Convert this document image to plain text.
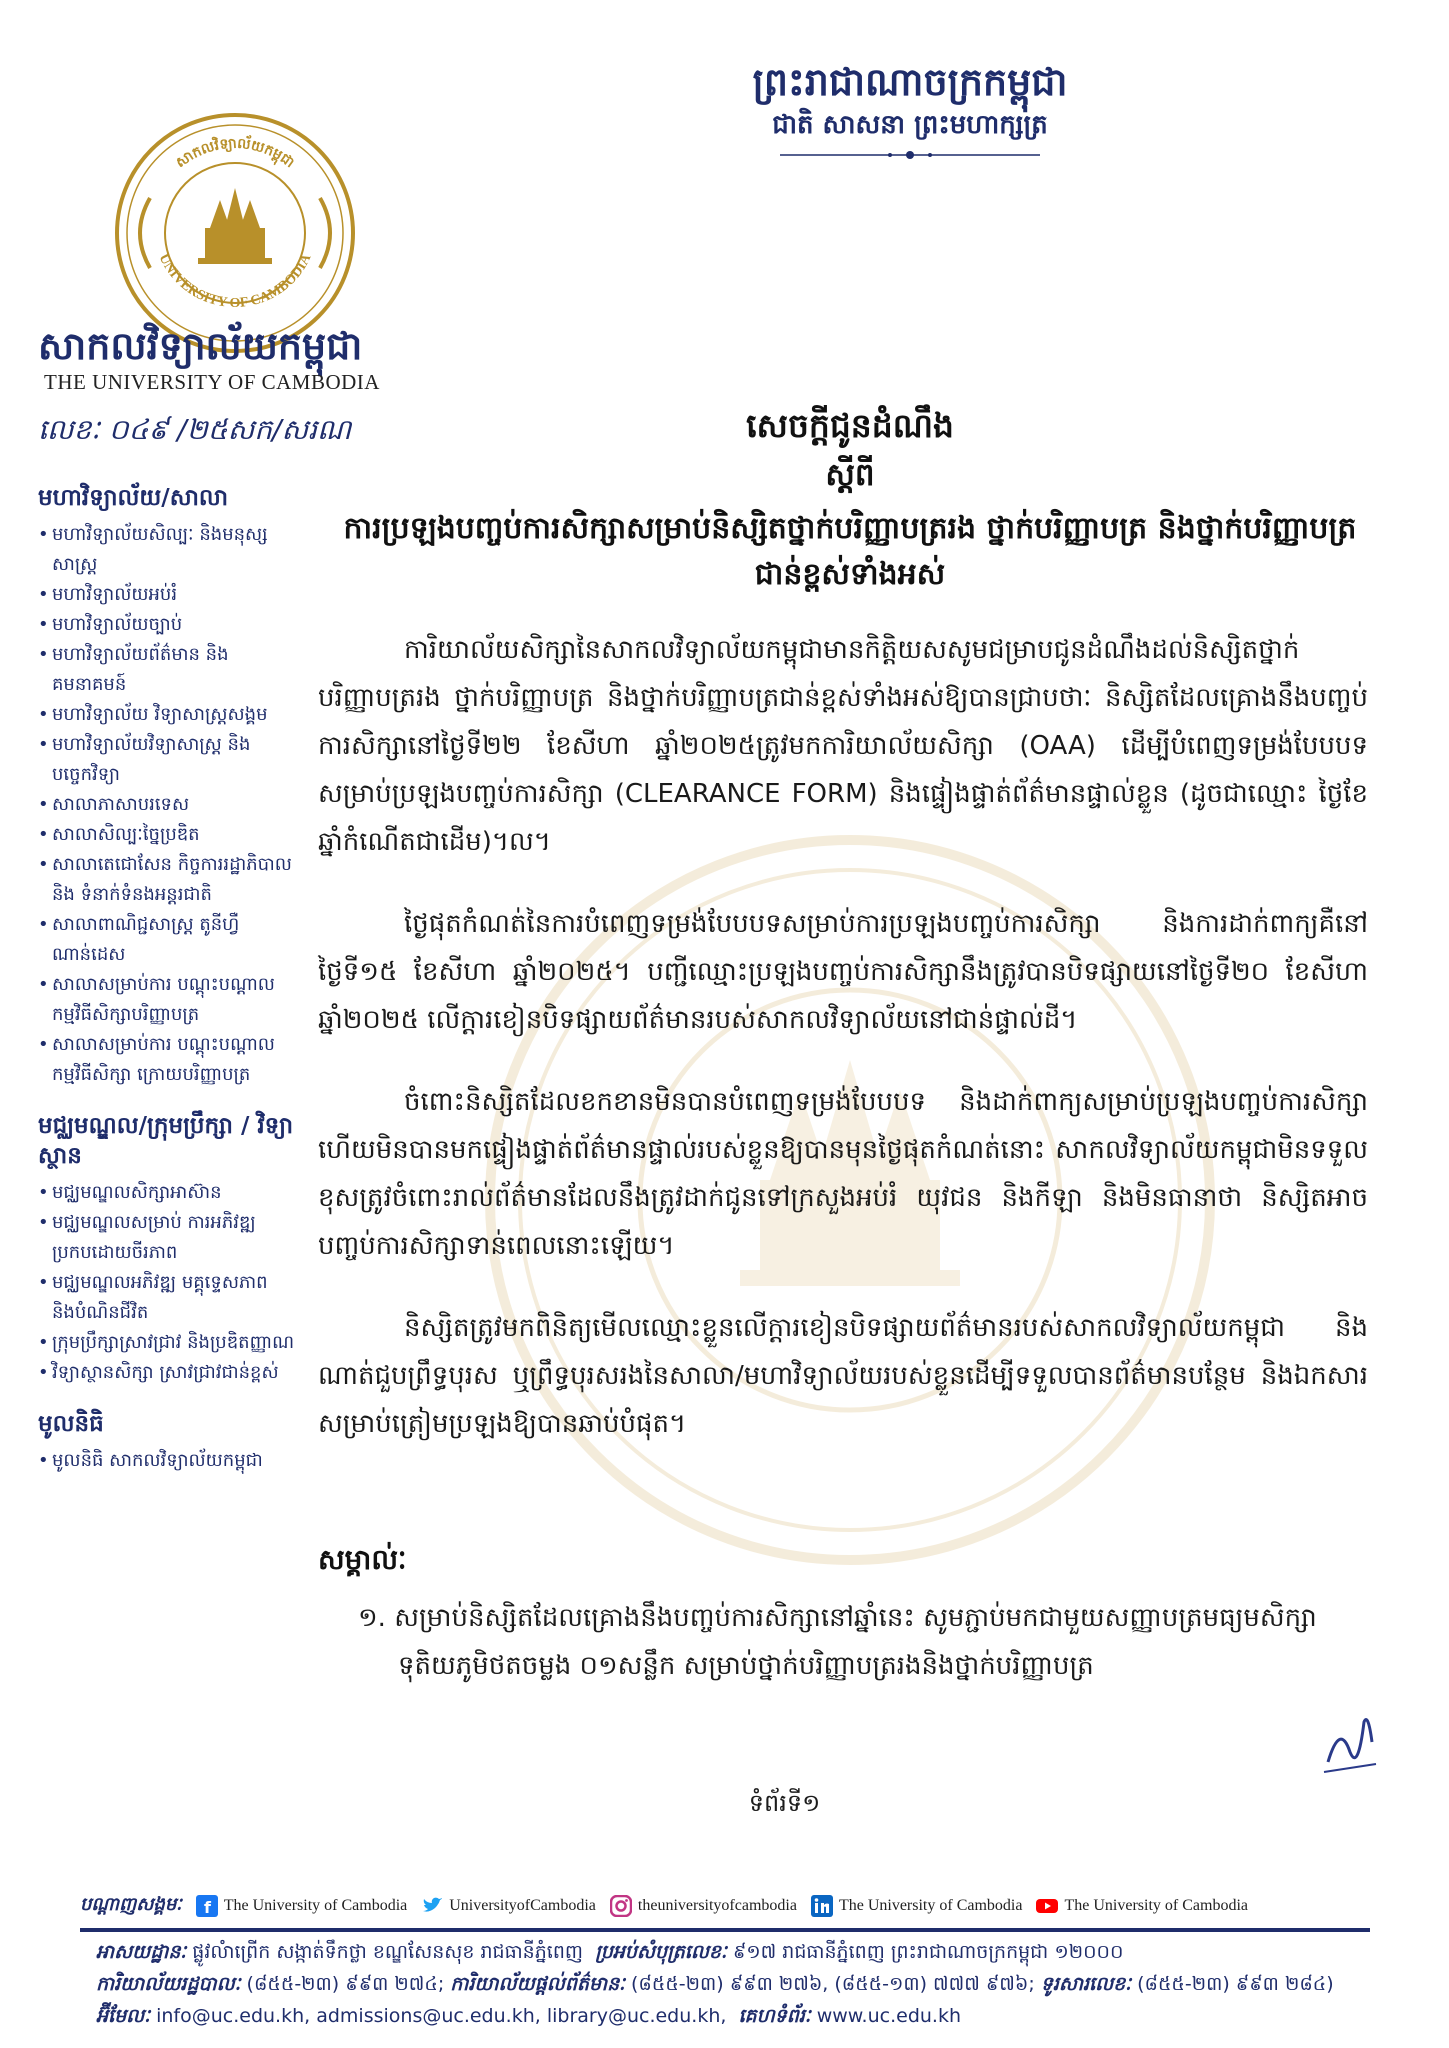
ព្រះរាជាណាចក្រកម្ពុជា
ជាតិ សាសនា ព្រះមហាក្សត្រ
សាកលវិទ្យាល័យកម្ពុជា
UNIVERSITY OF CAMBODIA
សាកលវិទ្យាល័យកម្ពុជា
THE UNIVERSITY OF CAMBODIA
លេខៈ ០៤៩ /២៥សក/សរណ
មហាវិទ្យាល័យ/សាលា
• មហាវិទ្យាល័យសិល្បៈ និងមនុស្សសាស្ត្រ
• មហាវិទ្យាល័យអប់រំ
• មហាវិទ្យាល័យច្បាប់
• មហាវិទ្យាល័យព័ត៌មាន និងគមនាគមន៍
• មហាវិទ្យាល័យ វិទ្យាសាស្ត្រសង្គម
• មហាវិទ្យាល័យវិទ្យាសាស្ត្រ និងបច្ចេកវិទ្យា
• សាលាភាសាបរទេស
• សាលាសិល្បៈច្នៃប្រឌិត
• សាលាតេជោសែន កិច្ចការរដ្ឋាភិបាល និង ទំនាក់ទំនងអន្តរជាតិ
• សាលាពាណិជ្ជសាស្ត្រ តូនីហ្វឺណាន់ដេស
• សាលាសម្រាប់ការ បណ្តុះបណ្តាល កម្មវិធីសិក្សាបរិញ្ញាបត្រ
• សាលាសម្រាប់ការ បណ្តុះបណ្តាលកម្មវិធីសិក្សា ក្រោយបរិញ្ញាបត្រ
មជ្ឈមណ្ឌល/ក្រុមប្រឹក្សា / វិទ្យាស្ថាន
• មជ្ឈមណ្ឌលសិក្សាអាស៊ាន
• មជ្ឈមណ្ឌលសម្រាប់ ការអភិវឌ្ឍ ប្រកបដោយចីរភាព
• មជ្ឈមណ្ឌលអភិវឌ្ឍ មគ្គុទ្ទេសភាព និងបំណិនជីវិត
• ក្រុមប្រឹក្សាស្រាវជ្រាវ និងប្រឌិតញ្ញាណ
• វិទ្យាស្ថានសិក្សា ស្រាវជ្រាវជាន់ខ្ពស់
មូលនិធិ
• មូលនិធិ សាកលវិទ្យាល័យកម្ពុជា
សេចក្តីជូនដំណឹង
ស្តីពី
ការប្រឡងបញ្ចប់ការសិក្សាសម្រាប់និស្សិតថ្នាក់បរិញ្ញាបត្ររង ថ្នាក់បរិញ្ញាបត្រ និងថ្នាក់បរិញ្ញាបត្រជាន់ខ្ពស់ទាំងអស់

ការិយាល័យសិក្សានៃសាកលវិទ្យាល័យកម្ពុជាមានកិត្តិយសសូមជម្រាបជូនដំណឹងដល់និស្សិតថ្នាក់បរិញ្ញាបត្ររង ថ្នាក់បរិញ្ញាបត្រ និងថ្នាក់បរិញ្ញាបត្រជាន់ខ្ពស់ទាំងអស់ឱ្យបានជ្រាបថាៈ និស្សិតដែលគ្រោងនឹងបញ្ចប់ការសិក្សានៅថ្ងៃទី២២ ខែសីហា ឆ្នាំ២០២៥ត្រូវមកការិយាល័យសិក្សា (OAA) ដើម្បីបំពេញទម្រង់បែបបទសម្រាប់ប្រឡងបញ្ចប់ការសិក្សា (CLEARANCE FORM) និងផ្ទៀងផ្ទាត់ព័ត៌មានផ្ទាល់ខ្លួន (ដូចជាឈ្មោះ ថ្ងៃខែឆ្នាំកំណើតជាដើម)។ល។

ថ្ងៃផុតកំណត់នៃការបំពេញទម្រង់បែបបទសម្រាប់ការប្រឡងបញ្ចប់ការសិក្សា និងការដាក់ពាក្យគឺនៅថ្ងៃទី១៥ ខែសីហា ឆ្នាំ២០២៥។ បញ្ជីឈ្មោះប្រឡងបញ្ចប់ការសិក្សានឹងត្រូវបានបិទផ្សាយនៅថ្ងៃទី២០ ខែសីហា ឆ្នាំ២០២៥ លើក្តារខៀនបិទផ្សាយព័ត៌មានរបស់សាកលវិទ្យាល័យនៅជាន់ផ្ទាល់ដី។

ចំពោះនិស្សិតដែលខកខានមិនបានបំពេញទម្រង់បែបបទ និងដាក់ពាក្យសម្រាប់ប្រឡងបញ្ចប់ការសិក្សា ហើយមិនបានមកផ្ទៀងផ្ទាត់ព័ត៌មានផ្ទាល់របស់ខ្លួនឱ្យបានមុនថ្ងៃផុតកំណត់នោះ សាកលវិទ្យាល័យកម្ពុជាមិនទទួលខុសត្រូវចំពោះរាល់ព័ត៌មានដែលនឹងត្រូវដាក់ជូនទៅក្រសួងអប់រំ យុវជន និងកីឡា និងមិនធានាថា និស្សិតអាចបញ្ចប់ការសិក្សាទាន់ពេលនោះឡើយ។

និស្សិតត្រូវមកពិនិត្យមើលឈ្មោះខ្លួនលើក្តារខៀនបិទផ្សាយព័ត៌មានរបស់សាកលវិទ្យាល័យកម្ពុជា និងណាត់ជួបព្រឹទ្ធបុរស ឬព្រឹទ្ធបុរសរងនៃសាលា/មហាវិទ្យាល័យរបស់ខ្លួនដើម្បីទទួលបានព័ត៌មានបន្ថែម និងឯកសារសម្រាប់ត្រៀមប្រឡងឱ្យបានឆាប់បំផុត។

សម្គាល់ៈ
១. សម្រាប់និស្សិតដែលគ្រោងនឹងបញ្ចប់ការសិក្សានៅឆ្នាំនេះ សូមភ្ជាប់មកជាមួយសញ្ញាបត្រមធ្យមសិក្សាទុតិយភូមិថតចម្លង ០១សន្លឹក សម្រាប់ថ្នាក់បរិញ្ញាបត្ររងនិងថ្នាក់បរិញ្ញាបត្រ
ទំព័រទី១
បណ្តាញសង្គមៈ f The University of Cambodia	UniversityofCambodia	theuniversityofcambodia	The University of Cambodia	The University of Cambodia
អាសយដ្ឋានៈ ផ្លូវលំាព្រើក សង្កាត់ទឹកថ្លា ខណ្ឌសែនសុខ រាជធានីភ្នំពេញ ប្រអប់សំបុត្រលេខៈ ៩១៧ រាជធានីភ្នំពេញ ព្រះរាជាណាចក្រកម្ពុជា ១២០០០
ការិយាល័យរដ្ឋបាលៈ (៨៥៥-២៣) ៩៩៣ ២៧៤; ការិយាល័យផ្តល់ព័ត៌មានៈ (៨៥៥-២៣) ៩៩៣ ២៧៦, (៨៥៥-១៣) ៧៧៧ ៩៧៦; ទូរសារលេខៈ (៨៥៥-២៣) ៩៩៣ ២៨៤)
អ៊ីមែលៈ info@uc.edu.kh, admissions@uc.edu.kh, library@uc.edu.kh, គេហទំព័រៈ www.uc.edu.kh
